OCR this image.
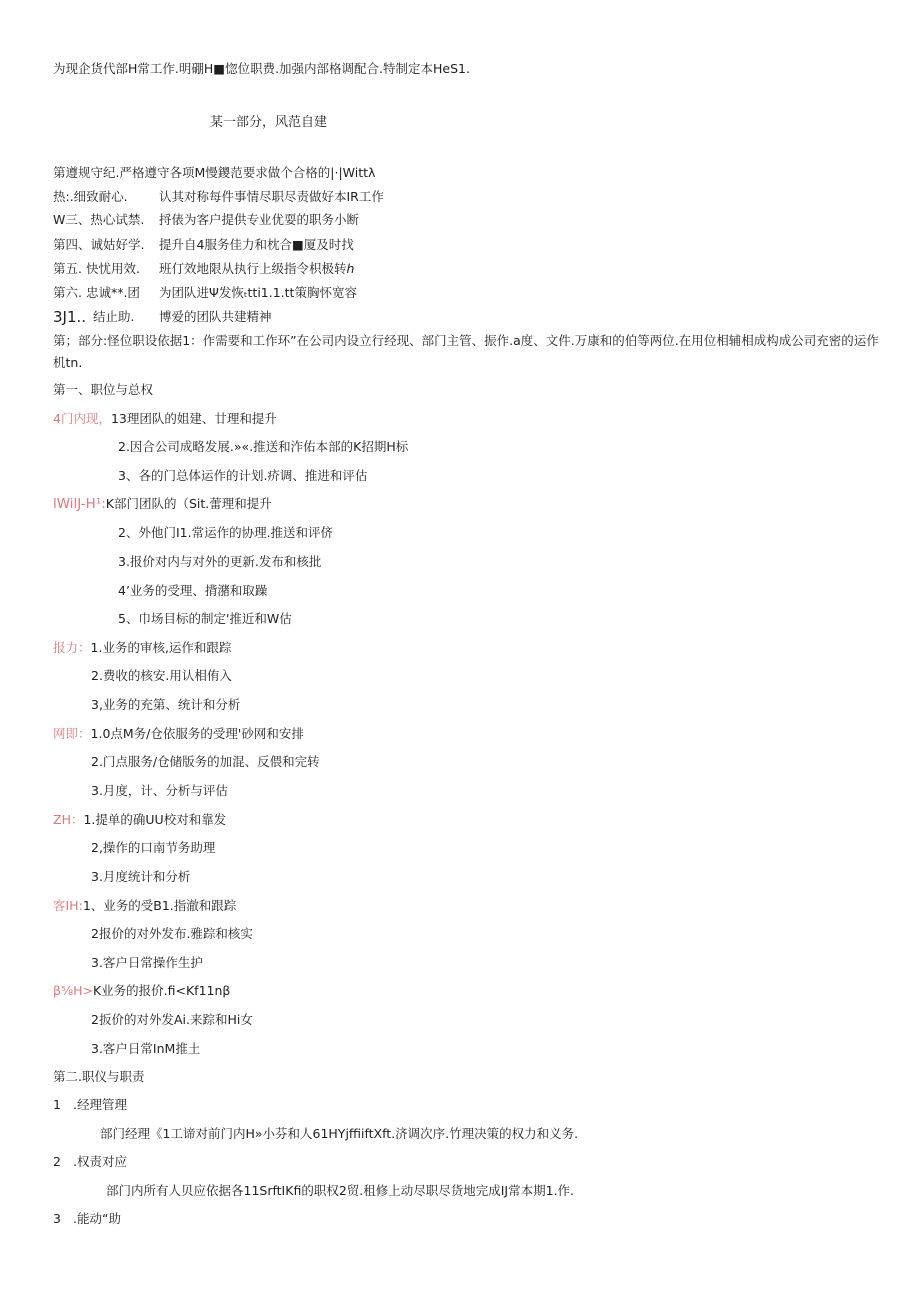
为现企货代部H常工作.明硼H■惚位职费.加强内部格调配合.特制定本HeS1.
某一部分，风范自建
第遵规守纪.严格遵守各项M慢鑁范要求做个合格的|·|Wittλ
热:.细致耐心.	认其对称每件事情尽职尽责做好本IR工作
W三、热心试禁. 捋俵为客户提供专业优耍的职务小断
第四、诚姑好学. 提升自4服务佳力和枕合■厦及时找
第五. 快忧用效. 班仃效地限从执行上级指令枳极转ℎ
第六. 忠诚**.团 为团队进Ψ发恢ₜtti1.1.tt策胸怀宽容
3J1.. 结止助. 博爱的团队共建精神
第；部分:怪位职设依据1：作需要和工作环”在公司内设立行经现、部门主管、振作.a度、文件.万康和的伯等两位.在用位相辅相成构成公司充密的运作
机tn.
第一、职位与总权
4门内现，13理团队的姐建、廿理和提升
2.因合公司成略发展.»«.推送和泎佑本部的K招期H标
3、各的门总体运作的计划.疥调、推进和评估
lWilJ-H¹:K部门团队的（Sit.蕾理和提升
2、外他门I1.常运作的协理.推送和评侪
3.报价对内与对外的更新.发布和核批
4’业务的受理、揹潴和取躁
5、巾场目标的制定'推近和W估
报力：1.业务的审核,运作和跟踪
2.费收的核安.用认相侑入
3,业务的充第、统计和分析
网即：1.0点M务/仓依服务的受理'砂网和安排
2.门点服务/仓储版务的加混、反偎和完转
3.月度，计、分析与评估
ZH：1.提单的确UU校对和靠发
2,操作的口南节务助理
3.月度统计和分析
客IH:1、业务的受B1.指澈和跟踪
2报价的对外发布.雅踪和核实
3.客户日常操作生护
β⅝H>K业务的报价.fi<Kf11nβ
2扳价的对外发Ai.来踪和Hi女
3.客户日常InM推土
第二.职仪与职责
1 .经理管理
部门经理《1工谛对前门内H»小芬和人61HYjffiiftXft.济调次序.竹理决策的权力和义务.
2 .权责对应
部门内所有人贝应依据各11SrftIKfi的职权2贸.租修上动尽职尽货地完成IJ常本期1.作.
3 .能动“助
